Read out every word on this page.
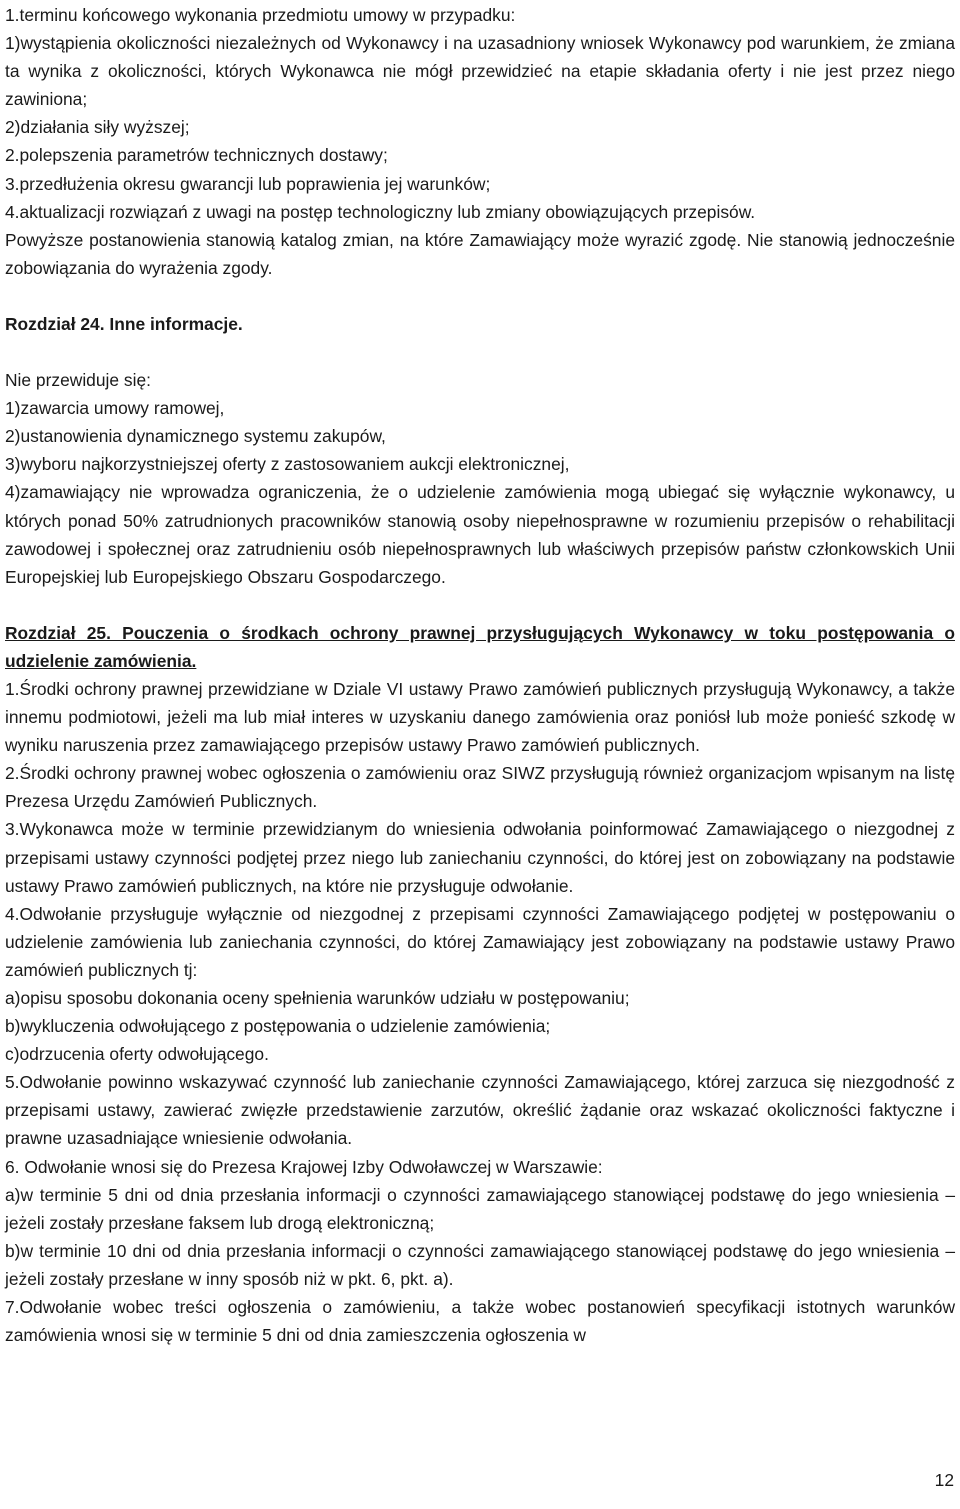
1.terminu końcowego wykonania przedmiotu umowy w przypadku:

1)wystąpienia okoliczności niezależnych od Wykonawcy i na uzasadniony wniosek Wykonawcy pod warunkiem, że zmiana ta wynika z okoliczności, których Wykonawca nie mógł przewidzieć na etapie składania oferty i nie jest przez niego zawiniona;

2)działania siły wyższej;

2.polepszenia parametrów technicznych dostawy;

3.przedłużenia okresu gwarancji lub poprawienia jej warunków;

4.aktualizacji rozwiązań z uwagi na postęp technologiczny lub zmiany obowiązujących przepisów.

Powyższe postanowienia stanowią katalog zmian, na które Zamawiający może wyrazić zgodę. Nie stanowią jednocześnie zobowiązania do wyrażenia zgody.

Rozdział 24. Inne informacje.

Nie przewiduje się:

1)zawarcia umowy ramowej,

2)ustanowienia dynamicznego systemu zakupów,

3)wyboru najkorzystniejszej oferty z zastosowaniem aukcji elektronicznej,

4)zamawiający nie wprowadza ograniczenia, że o udzielenie zamówienia mogą ubiegać się wyłącznie wykonawcy, u których ponad 50% zatrudnionych pracowników stanowią osoby niepełnosprawne w rozumieniu przepisów o rehabilitacji zawodowej i społecznej oraz zatrudnieniu osób niepełnosprawnych lub właściwych przepisów państw członkowskich Unii Europejskiej lub Europejskiego Obszaru Gospodarczego.

Rozdział 25. Pouczenia o środkach ochrony prawnej przysługujących Wykonawcy w toku postępowania o udzielenie zamówienia.

1.Środki ochrony prawnej przewidziane w Dziale VI ustawy Prawo zamówień publicznych przysługują Wykonawcy, a także innemu podmiotowi, jeżeli ma lub miał interes w uzyskaniu danego zamówienia oraz poniósł lub może ponieść szkodę w wyniku naruszenia przez zamawiającego przepisów ustawy Prawo zamówień publicznych.

2.Środki ochrony prawnej wobec ogłoszenia o zamówieniu oraz SIWZ przysługują również organizacjom wpisanym na listę Prezesa Urzędu Zamówień Publicznych.

3.Wykonawca może w terminie przewidzianym do wniesienia odwołania poinformować Zamawiającego o niezgodnej z przepisami ustawy czynności podjętej przez niego lub zaniechaniu czynności, do której jest on zobowiązany na podstawie ustawy Prawo zamówień publicznych, na które nie przysługuje odwołanie.

4.Odwołanie przysługuje wyłącznie od niezgodnej z przepisami czynności Zamawiającego podjętej w postępowaniu o udzielenie zamówienia lub zaniechania czynności, do której Zamawiający jest zobowiązany na podstawie ustawy Prawo zamówień publicznych tj:

a)opisu sposobu dokonania oceny spełnienia warunków udziału w postępowaniu;

b)wykluczenia odwołującego z postępowania o udzielenie zamówienia;

c)odrzucenia oferty odwołującego.

5.Odwołanie powinno wskazywać czynność lub zaniechanie czynności Zamawiającego, której zarzuca się niezgodność z przepisami ustawy, zawierać zwięzłe przedstawienie zarzutów, określić żądanie oraz wskazać okoliczności faktyczne i prawne uzasadniające wniesienie odwołania.

6. Odwołanie wnosi się do Prezesa Krajowej Izby Odwoławczej w Warszawie:

a)w terminie 5 dni od dnia przesłania informacji o czynności zamawiającego stanowiącej podstawę do jego wniesienia – jeżeli zostały przesłane faksem lub drogą elektroniczną;

b)w terminie 10 dni od dnia przesłania informacji o czynności zamawiającego stanowiącej podstawę do jego wniesienia – jeżeli zostały przesłane w inny sposób niż w pkt. 6, pkt. a).

7.Odwołanie wobec treści ogłoszenia o zamówieniu, a także wobec postanowień specyfikacji istotnych warunków zamówienia wnosi się w terminie 5 dni od dnia zamieszczenia ogłoszenia w

12
